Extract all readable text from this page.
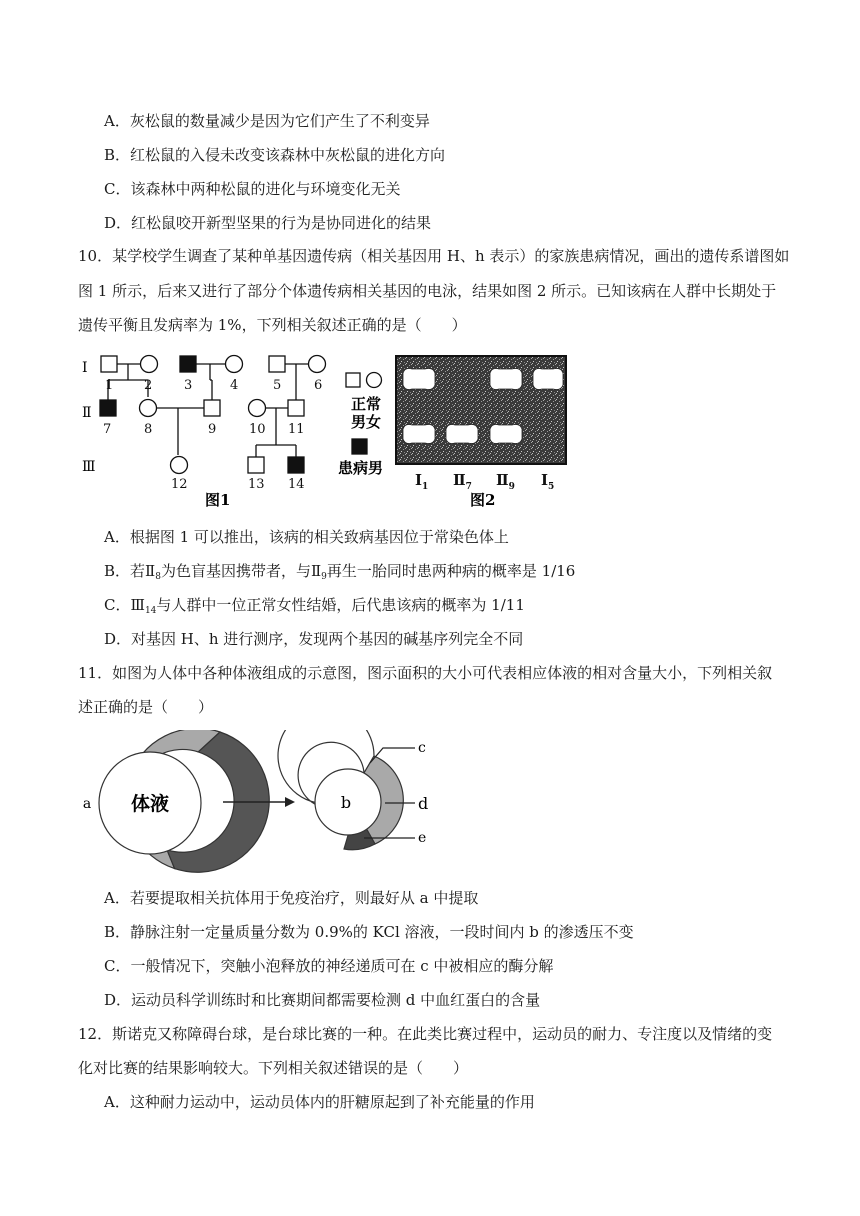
A．灰松鼠的数量减少是因为它们产生了不利变异
B．红松鼠的入侵未改变该森林中灰松鼠的进化方向
C．该森林中两种松鼠的进化与环境变化无关
D．红松鼠咬开新型坚果的行为是协同进化的结果
10．某学校学生调查了某种单基因遗传病（相关基因用 H、h 表示）的家族患病情况，画出的遗传系谱图如
图 1 所示，后来又进行了部分个体遗传病相关基因的电泳，结果如图 2 所示。已知该病在人群中长期处于
遗传平衡且发病率为 1%，下列相关叙述正确的是（　　）
Ⅰ
Ⅱ
Ⅲ
1 2 3	4	5	6
7	8	9	10 11
12	13 14
正常
男女
患病男
图1
$Ⅰ_1$ $Ⅱ_7$ $Ⅱ_9$ $Ⅰ_5$
图2
A．根据图 1 可以推出，该病的相关致病基因位于常染色体上
B．若$Ⅱ_8$为色盲基因携带者，与$Ⅱ_9$再生一胎同时患两种病的概率是 1/16
C．$Ⅲ_{14}$与人群中一位正常女性结婚，后代患该病的概率为 1/11
D．对基因 H、h 进行测序，发现两个基因的碱基序列完全不同
11．如图为人体中各种体液组成的示意图，图示面积的大小可代表相应体液的相对含量大小，下列相关叙
述正确的是（　　）
体液
a	b	b
c
d
e
A．若要提取相关抗体用于免疫治疗，则最好从 a 中提取
B．静脉注射一定量质量分数为 0.9%的 KCl 溶液，一段时间内 b 的渗透压不变
C．一般情况下，突触小泡释放的神经递质可在 c 中被相应的酶分解
D．运动员科学训练时和比赛期间都需要检测 d 中血红蛋白的含量
12．斯诺克又称障碍台球，是台球比赛的一种。在此类比赛过程中，运动员的耐力、专注度以及情绪的变
化对比赛的结果影响较大。下列相关叙述错误的是（　　）
A．这种耐力运动中，运动员体内的肝糖原起到了补充能量的作用
